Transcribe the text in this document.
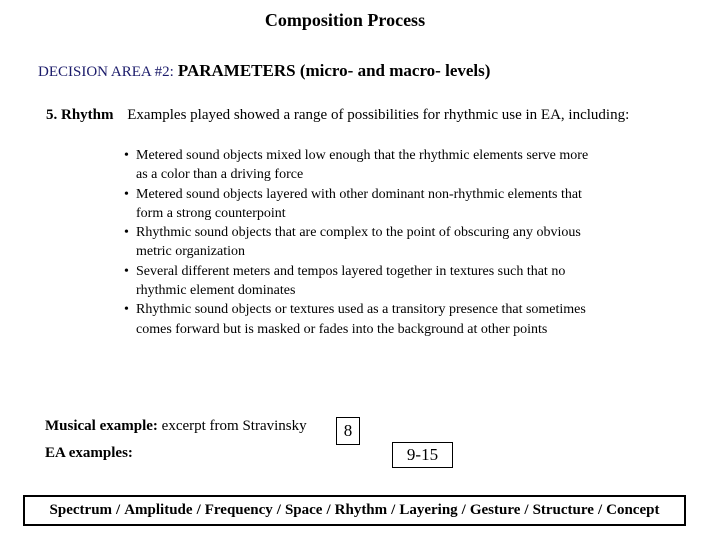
Composition Process
DECISION AREA #2: PARAMETERS (micro- and macro- levels)
5. Rhythm Examples played showed a range of possibilities for rhythmic use in EA, including:
• Metered sound objects mixed low enough that the rhythmic elements serve more
as a color than a driving force
• Metered sound objects layered with other dominant non-rhythmic elements that
form a strong counterpoint
• Rhythmic sound objects that are complex to the point of obscuring any obvious
metric organization
• Several different meters and tempos layered together in textures such that no
rhythmic element dominates
• Rhythmic sound objects or textures used as a transitory presence that sometimes
comes forward but is masked or fades into the background at other points
Musical example: excerpt from Stravinsky	8
EA examples:	9-15
Spectrum / Amplitude / Frequency / Space / Rhythm / Layering / Gesture / Structure / Concept
